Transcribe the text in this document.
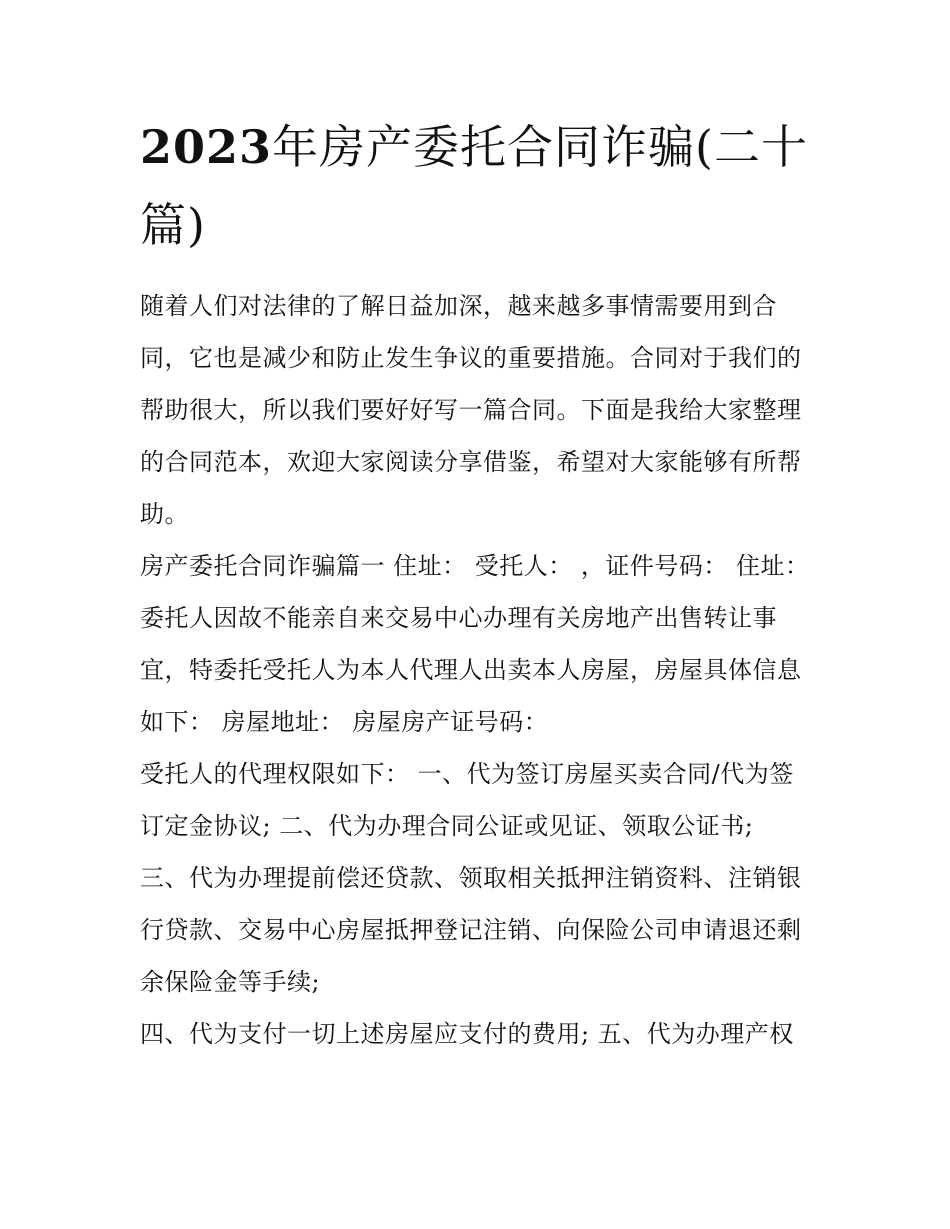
2023年房产委托合同诈骗(二十篇)

随着人们对法律的了解日益加深，越来越多事情需要用到合同，它也是减少和防止发生争议的重要措施。合同对于我们的帮助很大，所以我们要好好写一篇合同。下面是我给大家整理的合同范本，欢迎大家阅读分享借鉴，希望对大家能够有所帮助。

房产委托合同诈骗篇一 住址： 受托人： ，证件号码： 住址：

委托人因故不能亲自来交易中心办理有关房地产出售转让事宜，特委托受托人为本人代理人出卖本人房屋，房屋具体信息如下： 房屋地址： 房屋房产证号码：

受托人的代理权限如下： 一、代为签订房屋买卖合同/代为签订定金协议; 二、代为办理合同公证或见证、领取公证书;

三、代为办理提前偿还贷款、领取相关抵押注销资料、注销银行贷款、交易中心房屋抵押登记注销、向保险公司申请退还剩余保险金等手续;

四、代为支付一切上述房屋应支付的费用; 五、代为办理产权
